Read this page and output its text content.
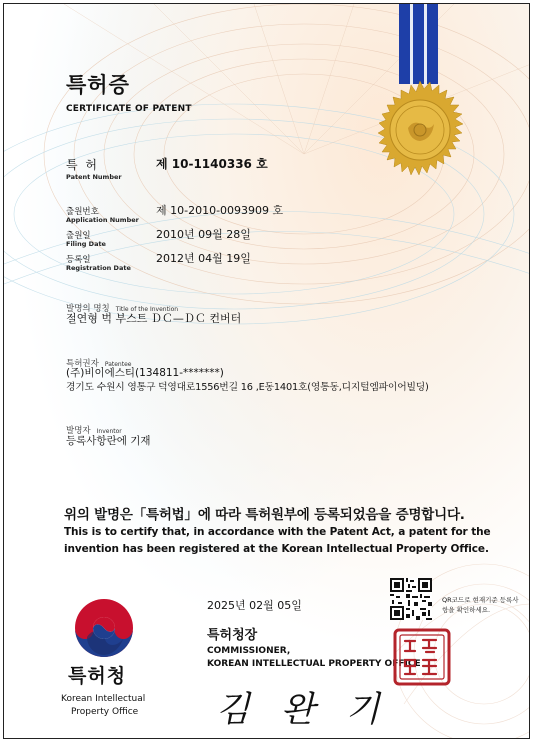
특허증
CERTIFICATE OF PATENT
특 허
Patent Number
제 10-1140336 호
출원번호
Application Number
제 10-2010-0093909 호
출원일
Filing Date
2010년 09월 28일
등록일
Registration Date
2012년 04월 19일
발명의 명칭 Title of the Invention
절연형 벅 부스트 ＤＣ—ＤＣ 컨버터
특허권자 Patentee
(주)비이에스티(134811-*******)
경기도 수원시 영통구 덕영대로1556번길 16 ,E동1401호(영통동,디지털엠파이어빌딩)
발명자 Inventor
등록사항란에 기재
위의 발명은「특허법」에 따라 특허원부에 등록되었음을 증명합니다.
This is to certify that, in accordance with the Patent Act, a patent for the
invention has been registered at the Korean Intellectual Property Office.
2025년 02월 05일
특허청장
COMMISSIONER,
KOREAN INTELLECTUAL PROPERTY OFFICE
김 완 기
QR코드로 현재기준 등록사항을 확인하세요.
특허청
Korean Intellectual
Property Office
